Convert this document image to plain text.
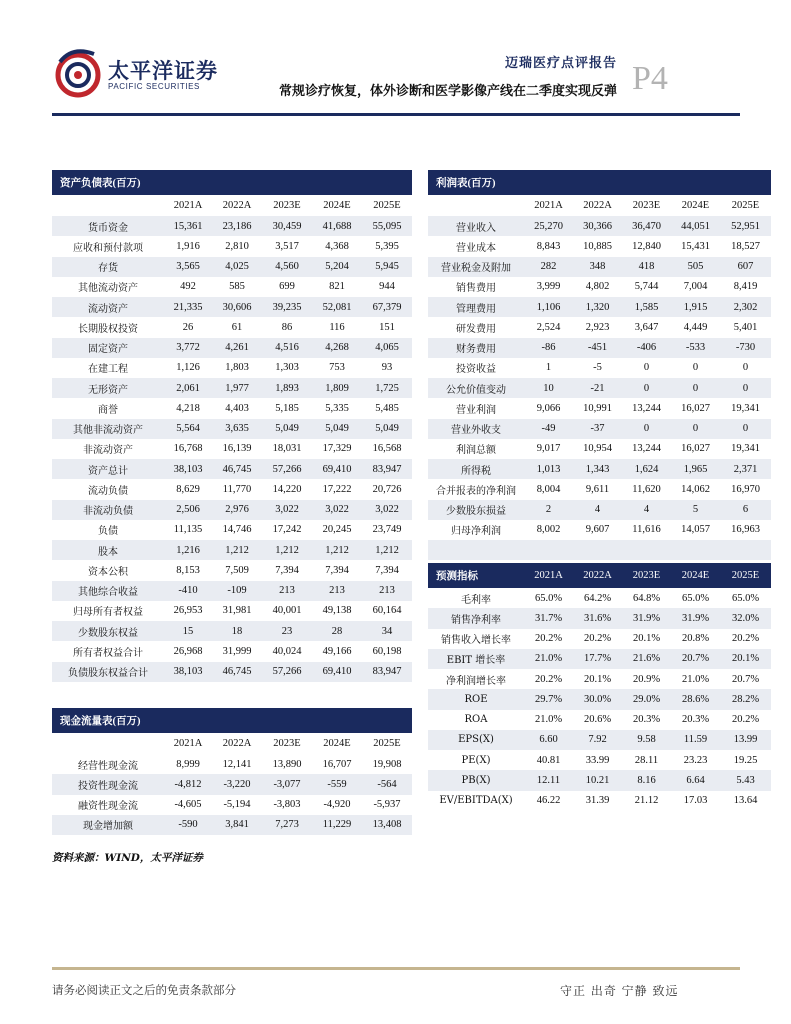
太平洋证券
PACIFIC SECURITIES
迈瑞医疗点评报告
常规诊疗恢复，体外诊断和医学影像产线在二季度实现反弹 P4
资产负债表(百万)					
	2021A	2022A	2023E	2024E	2025E
货币资金	15,361	23,186	30,459	41,688	55,095
应收和预付款项	1,916	2,810	3,517	4,368	5,395
存货	3,565	4,025	4,560	5,204	5,945
其他流动资产	492	585	699	821	944
流动资产	21,335	30,606	39,235	52,081	67,379
长期股权投资	26	61	86	116	151
固定资产	3,772	4,261	4,516	4,268	4,065
在建工程	1,126	1,803	1,303	753	93
无形资产	2,061	1,977	1,893	1,809	1,725
商誉	4,218	4,403	5,185	5,335	5,485
其他非流动资产	5,564	3,635	5,049	5,049	5,049
非流动资产	16,768	16,139	18,031	17,329	16,568
资产总计	38,103	46,745	57,266	69,410	83,947
流动负债	8,629	11,770	14,220	17,222	20,726
非流动负债	2,506	2,976	3,022	3,022	3,022
负债	11,135	14,746	17,242	20,245	23,749
股本	1,216	1,212	1,212	1,212	1,212
资本公积	8,153	7,509	7,394	7,394	7,394
其他综合收益	-410	-109	213	213	213
归母所有者权益	26,953	31,981	40,001	49,138	60,164
少数股东权益	15	18	23	28	34
所有者权益合计	26,968	31,999	40,024	49,166	60,198
负债股东权益合计	38,103	46,745	57,266	69,410	83,947
利润表(百万)					
	2021A	2022A	2023E	2024E	2025E
营业收入	25,270	30,366	36,470	44,051	52,951
营业成本	8,843	10,885	12,840	15,431	18,527
营业税金及附加	282	348	418	505	607
销售费用	3,999	4,802	5,744	7,004	8,419
管理费用	1,106	1,320	1,585	1,915	2,302
研发费用	2,524	2,923	3,647	4,449	5,401
财务费用	-86	-451	-406	-533	-730
投资收益	1	-5	0	0	0
公允价值变动	10	-21	0	0	0
营业利润	9,066	10,991	13,244	16,027	19,341
营业外收支	-49	-37	0	0	0
利润总额	9,017	10,954	13,244	16,027	19,341
所得税	1,013	1,343	1,624	1,965	2,371
合并报表的净利润	8,004	9,611	11,620	14,062	16,970
少数股东损益	2	4	4	5	6
归母净利润	8,002	9,607	11,616	14,057	16,963

预测指标	2021A	2022A	2023E	2024E	2025E
毛利率	65.0%	64.2%	64.8%	65.0%	65.0%
销售净利率	31.7%	31.6%	31.9%	31.9%	32.0%
销售收入增长率	20.2%	20.2%	20.1%	20.8%	20.2%
EBIT 增长率	21.0%	17.7%	21.6%	20.7%	20.1%
净利润增长率	20.2%	20.1%	20.9%	21.0%	20.7%
ROE	29.7%	30.0%	29.0%	28.6%	28.2%
ROA	21.0%	20.6%	20.3%	20.3%	20.2%
EPS(X)	6.60	7.92	9.58	11.59	13.99
PE(X)	40.81	33.99	28.11	23.23	19.25
PB(X)	12.11	10.21	8.16	6.64	5.43
EV/EBITDA(X)	46.22	31.39	21.12	17.03	13.64
现金流量表(百万)					
	2021A	2022A	2023E	2024E	2025E
经营性现金流	8,999	12,141	13,890	16,707	19,908
投资性现金流	-4,812	-3,220	-3,077	-559	-564
融资性现金流	-4,605	-5,194	-3,803	-4,920	-5,937
现金增加额	-590	3,841	7,273	11,229	13,408
资料来源：WIND，太平洋证券
请务必阅读正文之后的免责条款部分	守正 出奇 宁静 致远
